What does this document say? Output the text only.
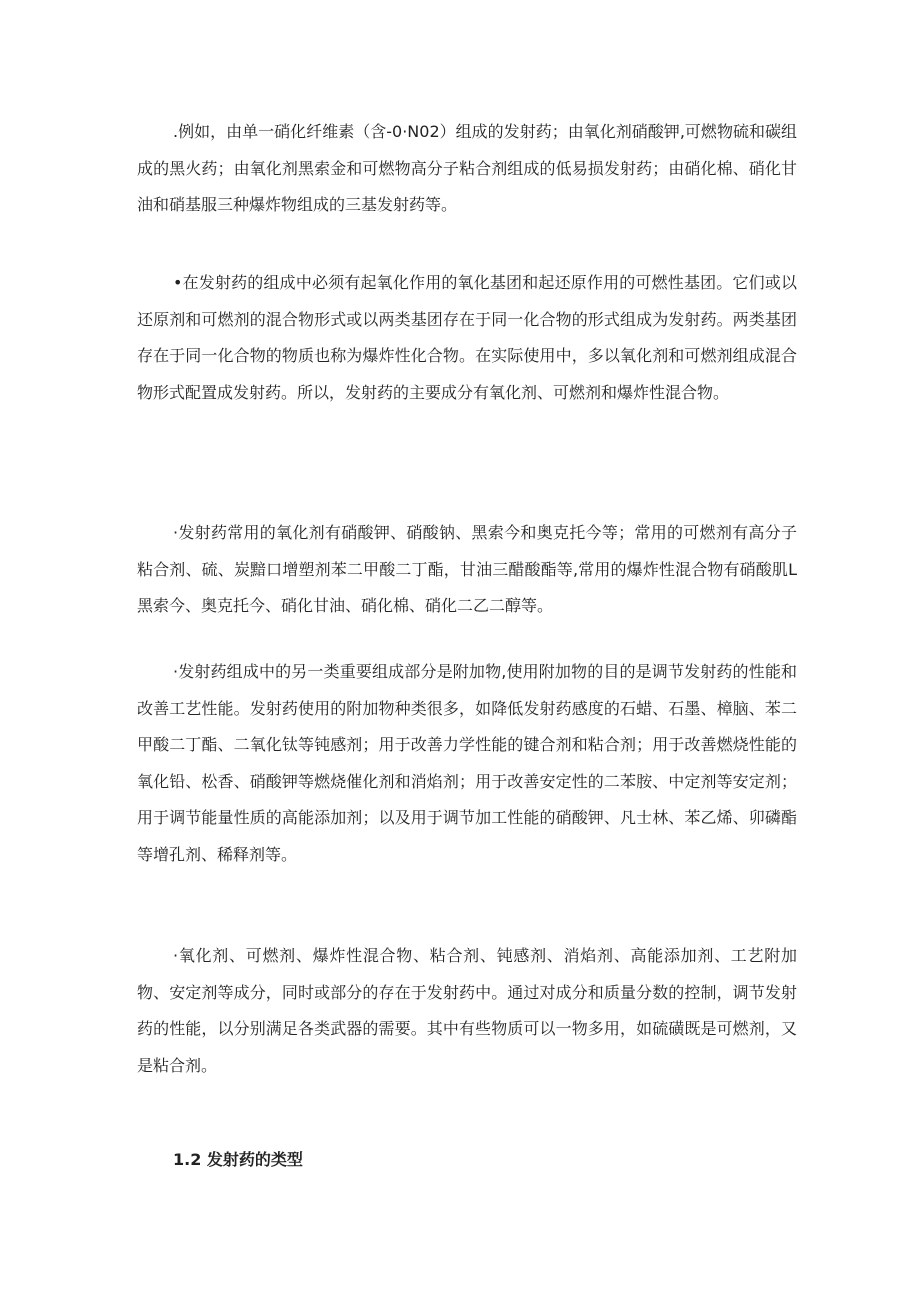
.例如，由单一硝化纤维素（含-0·N02）组成的发射药；由氧化剂硝酸钾,可燃物硫和碳组成的黑火药；由氧化剂黑索金和可燃物高分子粘合剂组成的低易损发射药；由硝化棉、硝化甘油和硝基服三种爆炸物组成的三基发射药等。

•在发射药的组成中必须有起氧化作用的氧化基团和起还原作用的可燃性基团。它们或以还原剂和可燃剂的混合物形式或以两类基团存在于同一化合物的形式组成为发射药。两类基团存在于同一化合物的物质也称为爆炸性化合物。在实际使用中，多以氧化剂和可燃剂组成混合物形式配置成发射药。所以，发射药的主要成分有氧化剂、可燃剂和爆炸性混合物。

·发射药常用的氧化剂有硝酸钾、硝酸钠、黑索今和奥克托今等；常用的可燃剂有高分子粘合剂、硫、炭黯口增塑剂苯二甲酸二丁酯，甘油三醋酸酯等,常用的爆炸性混合物有硝酸肌L黑索今、奥克托今、硝化甘油、硝化棉、硝化二乙二醇等。

·发射药组成中的另一类重要组成部分是附加物,使用附加物的目的是调节发射药的性能和改善工艺性能。发射药使用的附加物种类很多，如降低发射药感度的石蜡、石墨、樟脑、苯二甲酸二丁酯、二氧化钛等钝感剂；用于改善力学性能的键合剂和粘合剂；用于改善燃烧性能的氧化铅、松香、硝酸钾等燃烧催化剂和消焰剂；用于改善安定性的二苯胺、中定剂等安定剂；用于调节能量性质的高能添加剂；以及用于调节加工性能的硝酸钾、凡士林、苯乙烯、卯磷酯等增孔剂、稀释剂等。

·氧化剂、可燃剂、爆炸性混合物、粘合剂、钝感剂、消焰剂、高能添加剂、工艺附加物、安定剂等成分，同时或部分的存在于发射药中。通过对成分和质量分数的控制，调节发射药的性能，以分别满足各类武器的需要。其中有些物质可以一物多用，如硫磺既是可燃剂，又是粘合剂。

1.2 发射药的类型
